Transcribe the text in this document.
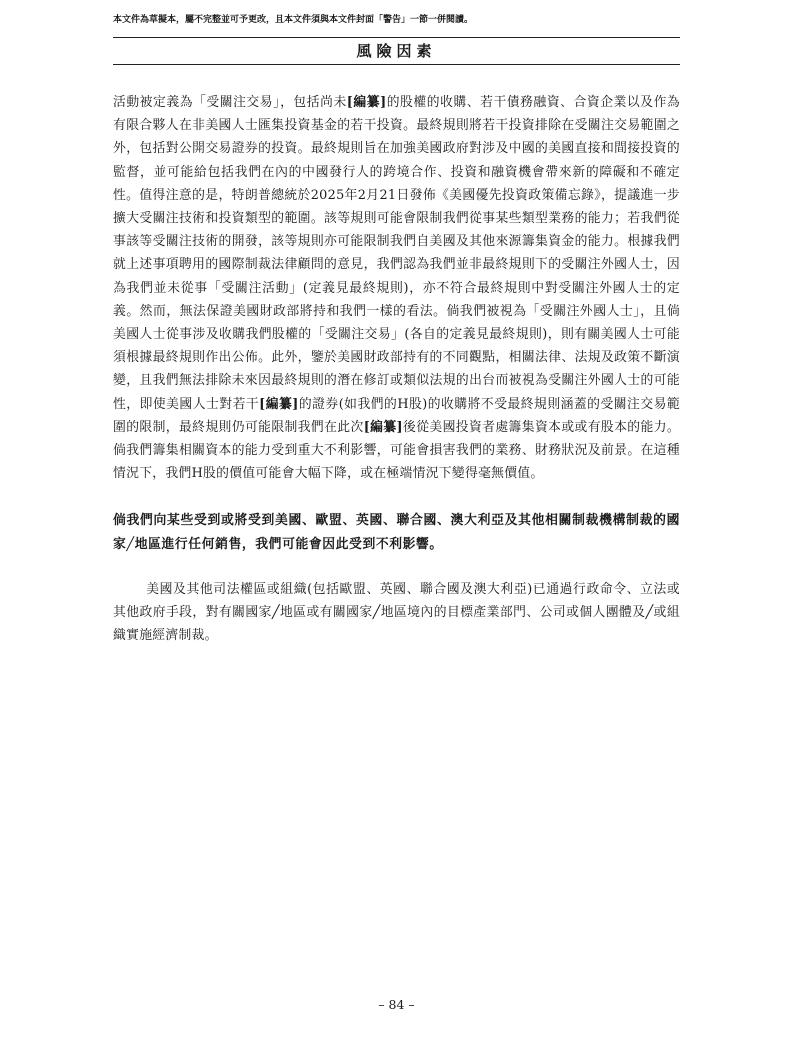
本文件為草擬本，屬不完整並可予更改，且本文件須與本文件封面「警告」一節一併閱讀。
風險因素

活動被定義為「受關注交易」，包括尚未[編纂]的股權的收購、若干債務融資、合資企業以及作為有限合夥人在非美國人士匯集投資基金的若干投資。最終規則將若干投資排除在受關注交易範圍之外，包括對公開交易證券的投資。最終規則旨在加強美國政府對涉及中國的美國直接和間接投資的監督，並可能給包括我們在內的中國發行人的跨境合作、投資和融資機會帶來新的障礙和不確定性。值得注意的是，特朗普總統於2025年2月21日發佈《美國優先投資政策備忘錄》，提議進一步擴大受關注技術和投資類型的範圍。該等規則可能會限制我們從事某些類型業務的能力；若我們從事該等受關注技術的開發，該等規則亦可能限制我們自美國及其他來源籌集資金的能力。根據我們就上述事項聘用的國際制裁法律顧問的意見，我們認為我們並非最終規則下的受關注外國人士，因為我們並未從事「受關注活動」(定義見最終規則)，亦不符合最終規則中對受關注外國人士的定義。然而，無法保證美國財政部將持和我們一樣的看法。倘我們被視為「受關注外國人士」，且倘美國人士從事涉及收購我們股權的「受關注交易」(各自的定義見最終規則)，則有關美國人士可能須根據最終規則作出公佈。此外，鑒於美國財政部持有的不同觀點，相關法律、法規及政策不斷演變，且我們無法排除未來因最終規則的潛在修訂或類似法規的出台而被視為受關注外國人士的可能性，即使美國人士對若干[編纂]的證券(如我們的H股)的收購將不受最終規則涵蓋的受關注交易範圍的限制，最終規則仍可能限制我們在此次[編纂]後從美國投資者處籌集資本或或有股本的能力。倘我們籌集相關資本的能力受到重大不利影響，可能會損害我們的業務、財務狀況及前景。在這種情況下，我們H股的價值可能會大幅下降，或在極端情況下變得毫無價值。

倘我們向某些受到或將受到美國、歐盟、英國、聯合國、澳大利亞及其他相關制裁機構制裁的國家╱地區進行任何銷售，我們可能會因此受到不利影響。

美國及其他司法權區或組織(包括歐盟、英國、聯合國及澳大利亞)已通過行政命令、立法或其他政府手段，對有關國家╱地區或有關國家╱地區境內的目標產業部門、公司或個人團體及╱或組織實施經濟制裁。

– 84 –
